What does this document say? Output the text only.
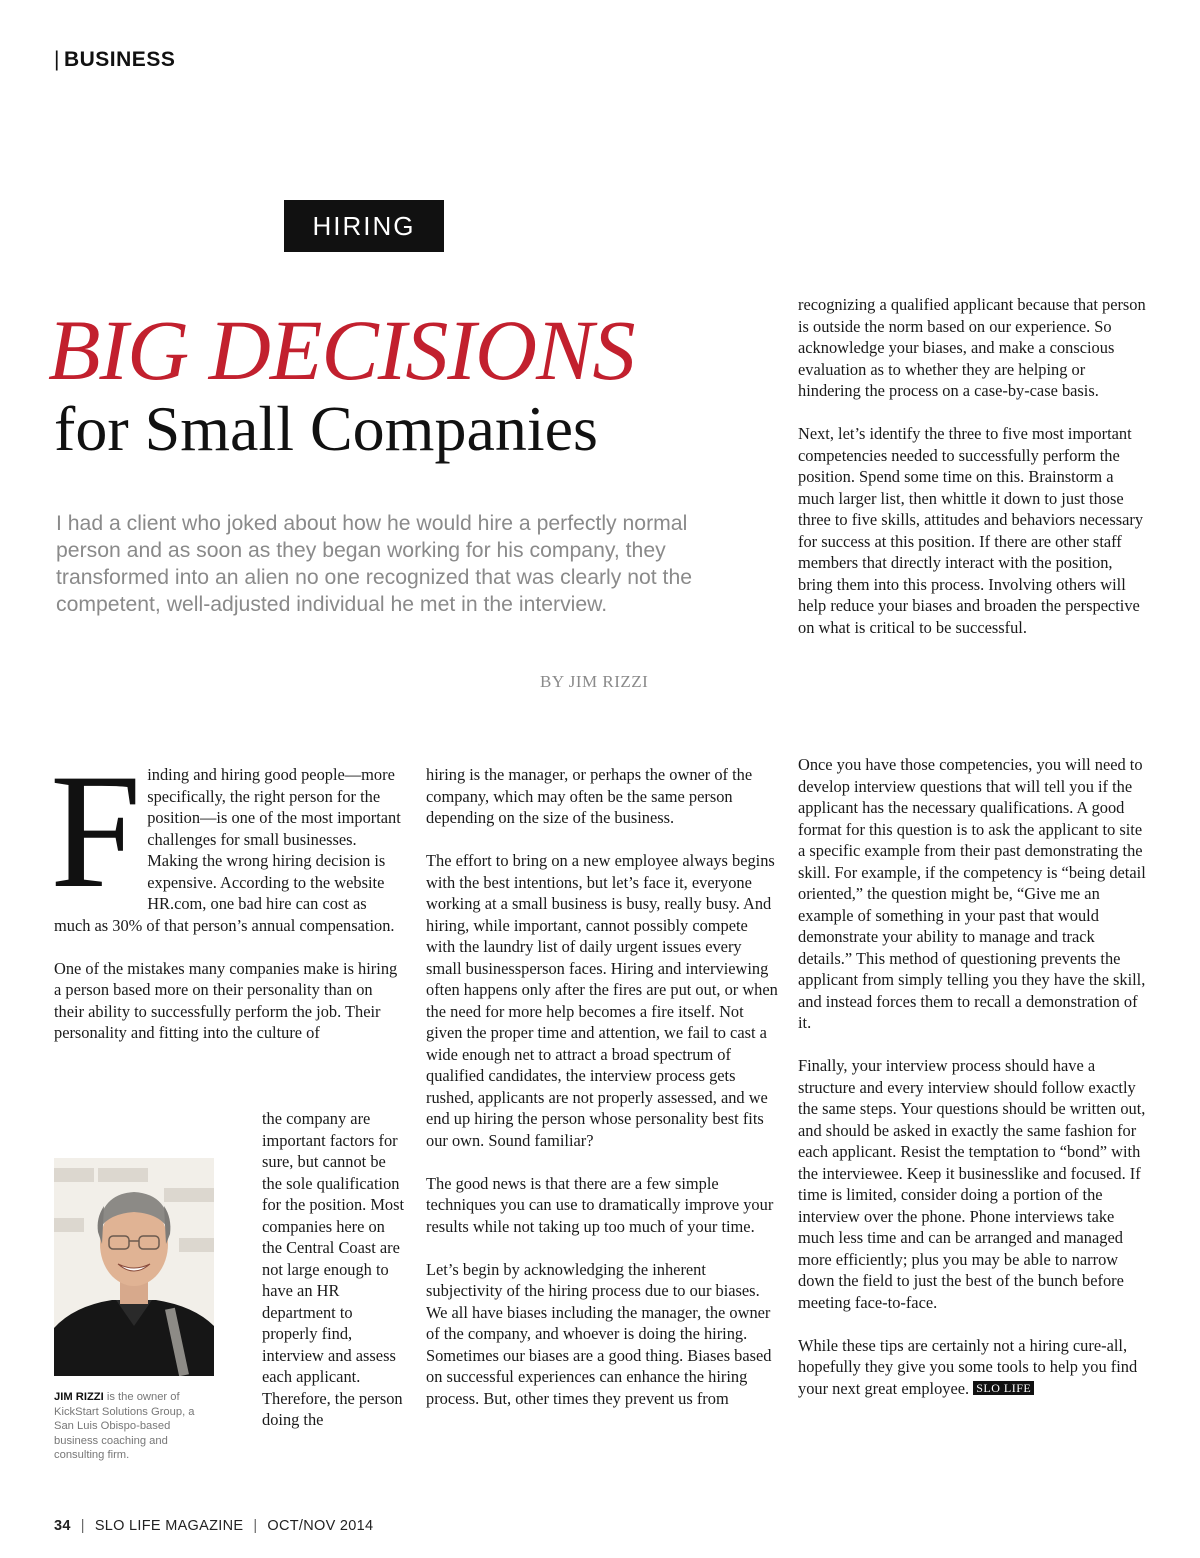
| BUSINESS
HIRING
BIG DECISIONS
for Small Companies
I had a client who joked about how he would hire a perfectly normal person and as soon as they began working for his company, they transformed into an alien no one recognized that was clearly not the competent, well-adjusted individual he met in the interview.
BY JIM RIZZI
F inding and hiring good people—more specifically, the right person for the position—is one of the most important challenges for small businesses. Making the wrong hiring decision is expensive. According to the website HR.com, one bad hire can cost as much as 30% of that person’s annual compensation.

One of the mistakes many companies make is hiring a person based more on their personality than on their ability to successfully perform the job. Their personality and fitting into the culture of

the company are important factors for sure, but cannot be the sole qualification for the position. Most companies here on the Central Coast are not large enough to have an HR department to properly find, interview and assess each applicant. Therefore, the person doing the

JIM RIZZI is the owner of KickStart Solutions Group, a San Luis Obispo-based business coaching and consulting firm.

hiring is the manager, or perhaps the owner of the company, which may often be the same person depending on the size of the business.

The effort to bring on a new employee always begins with the best intentions, but let’s face it, everyone working at a small business is busy, really busy. And hiring, while important, cannot possibly compete with the laundry list of daily urgent issues every small businessperson faces. Hiring and interviewing often happens only after the fires are put out, or when the need for more help becomes a fire itself. Not given the proper time and attention, we fail to cast a wide enough net to attract a broad spectrum of qualified candidates, the interview process gets rushed, applicants are not properly assessed, and we end up hiring the person whose personality best fits our own. Sound familiar?

The good news is that there are a few simple techniques you can use to dramatically improve your results while not taking up too much of your time.

Let’s begin by acknowledging the inherent subjectivity of the hiring process due to our biases. We all have biases including the manager, the owner of the company, and whoever is doing the hiring. Sometimes our biases are a good thing. Biases based on successful experiences can enhance the hiring process. But, other times they prevent us from

recognizing a qualified applicant because that person is outside the norm based on our experience. So acknowledge your biases, and make a conscious evaluation as to whether they are helping or hindering the process on a case-by-case basis.

Next, let’s identify the three to five most important competencies needed to successfully perform the position. Spend some time on this. Brainstorm a much larger list, then whittle it down to just those three to five skills, attitudes and behaviors necessary for success at this position. If there are other staff members that directly interact with the position, bring them into this process. Involving others will help reduce your biases and broaden the perspective on what is critical to be successful.

Once you have those competencies, you will need to develop interview questions that will tell you if the applicant has the necessary qualifications. A good format for this question is to ask the applicant to site a specific example from their past demonstrating the skill. For example, if the competency is “being detail oriented,” the question might be, “Give me an example of something in your past that would demonstrate your ability to manage and track details.” This method of questioning prevents the applicant from simply telling you they have the skill, and instead forces them to recall a demonstration of it.

Finally, your interview process should have a structure and every interview should follow exactly the same steps. Your questions should be written out, and should be asked in exactly the same fashion for each applicant. Resist the temptation to “bond” with the interviewee. Keep it businesslike and focused. If time is limited, consider doing a portion of the interview over the phone. Phone interviews take much less time and can be arranged and managed more efficiently; plus you may be able to narrow down the field to just the best of the bunch before meeting face-to-face.

While these tips are certainly not a hiring cure-all, hopefully they give you some tools to help you find your next great employee. SLO LIFE

34 | SLO LIFE MAGAZINE | OCT/NOV 2014
